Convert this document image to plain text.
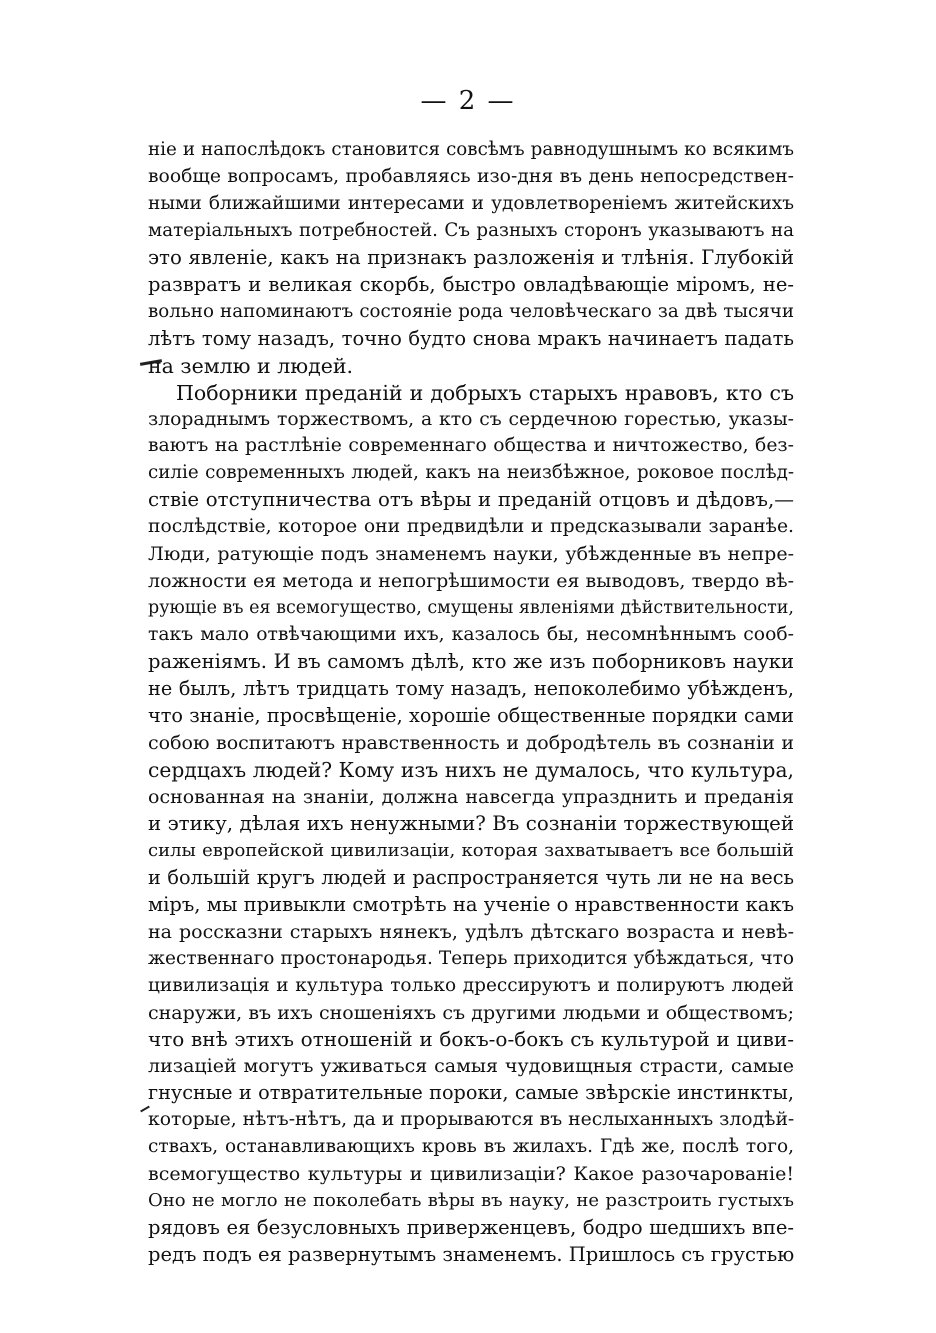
— 2 —
ніе и напослѣдокъ становится совсѣмъ равнодушнымъ ко всякимъ
вообще вопросамъ, пробавляясь изо-дня въ день непосредствен-
ными ближайшими интересами и удовлетвореніемъ житейскихъ
матеріальныхъ потребностей. Съ разныхъ сторонъ указываютъ на
это явленіе, какъ на признакъ разложенія и тлѣнія. Глубокій
развратъ и великая скорбь, быстро овладѣвающіе міромъ, не-
вольно напоминаютъ состояніе рода человѣческаго за двѣ тысячи
лѣтъ тому назадъ, точно будто снова мракъ начинаетъ падать
на землю и людей.
Поборники преданій и добрыхъ старыхъ нравовъ, кто съ
злораднымъ торжествомъ, а кто съ сердечною горестью, указы-
ваютъ на растлѣніе современнаго общества и ничтожество, без-
силіе современныхъ людей, какъ на неизбѣжное, роковое послѣд-
ствіе отступничества отъ вѣры и преданій отцовъ и дѣдовъ,—
послѣдствіе, которое они предвидѣли и предсказывали заранѣе.
Люди, ратующіе подъ знаменемъ науки, убѣжденные въ непре-
ложности ея метода и непогрѣшимости ея выводовъ, твердо вѣ-
рующіе въ ея всемогущество, смущены явленіями дѣйствительности,
такъ мало отвѣчающими ихъ, казалось бы, несомнѣннымъ сооб-
раженіямъ. И въ самомъ дѣлѣ, кто же изъ поборниковъ науки
не былъ, лѣтъ тридцать тому назадъ, непоколебимо убѣжденъ,
что знаніе, просвѣщеніе, хорошіе общественные порядки сами
собою воспитаютъ нравственность и добродѣтель въ сознаніи и
сердцахъ людей? Кому изъ нихъ не думалось, что культура,
основанная на знаніи, должна навсегда упразднить и преданія
и этику, дѣлая ихъ ненужными? Въ сознаніи торжествующей
силы европейской цивилизаціи, которая захватываетъ все большій
и большій кругъ людей и распространяется чуть ли не на весь
міръ, мы привыкли смотрѣть на ученіе о нравственности какъ
на россказни старыхъ нянекъ, удѣлъ дѣтскаго возраста и невѣ-
жественнаго простонародья. Теперь приходится убѣждаться, что
цивилизація и культура только дрессируютъ и полируютъ людей
снаружи, въ ихъ сношеніяхъ съ другими людьми и обществомъ;
что внѣ этихъ отношеній и бокъ-о-бокъ съ культурой и циви-
лизаціей могутъ уживаться самыя чудовищныя страсти, самые
гнусные и отвратительные пороки, самые звѣрскіе инстинкты,
которые, нѣтъ-нѣтъ, да и прорываются въ неслыханныхъ злодѣй-
ствахъ, останавливающихъ кровь въ жилахъ. Гдѣ же, послѣ того,
всемогущество культуры и цивилизаціи? Какое разочарованіе!
Оно не могло не поколебать вѣры въ науку, не разстроить густыхъ
рядовъ ея безусловныхъ приверженцевъ, бодро шедшихъ впе-
редъ подъ ея развернутымъ знаменемъ. Пришлось съ грустью
